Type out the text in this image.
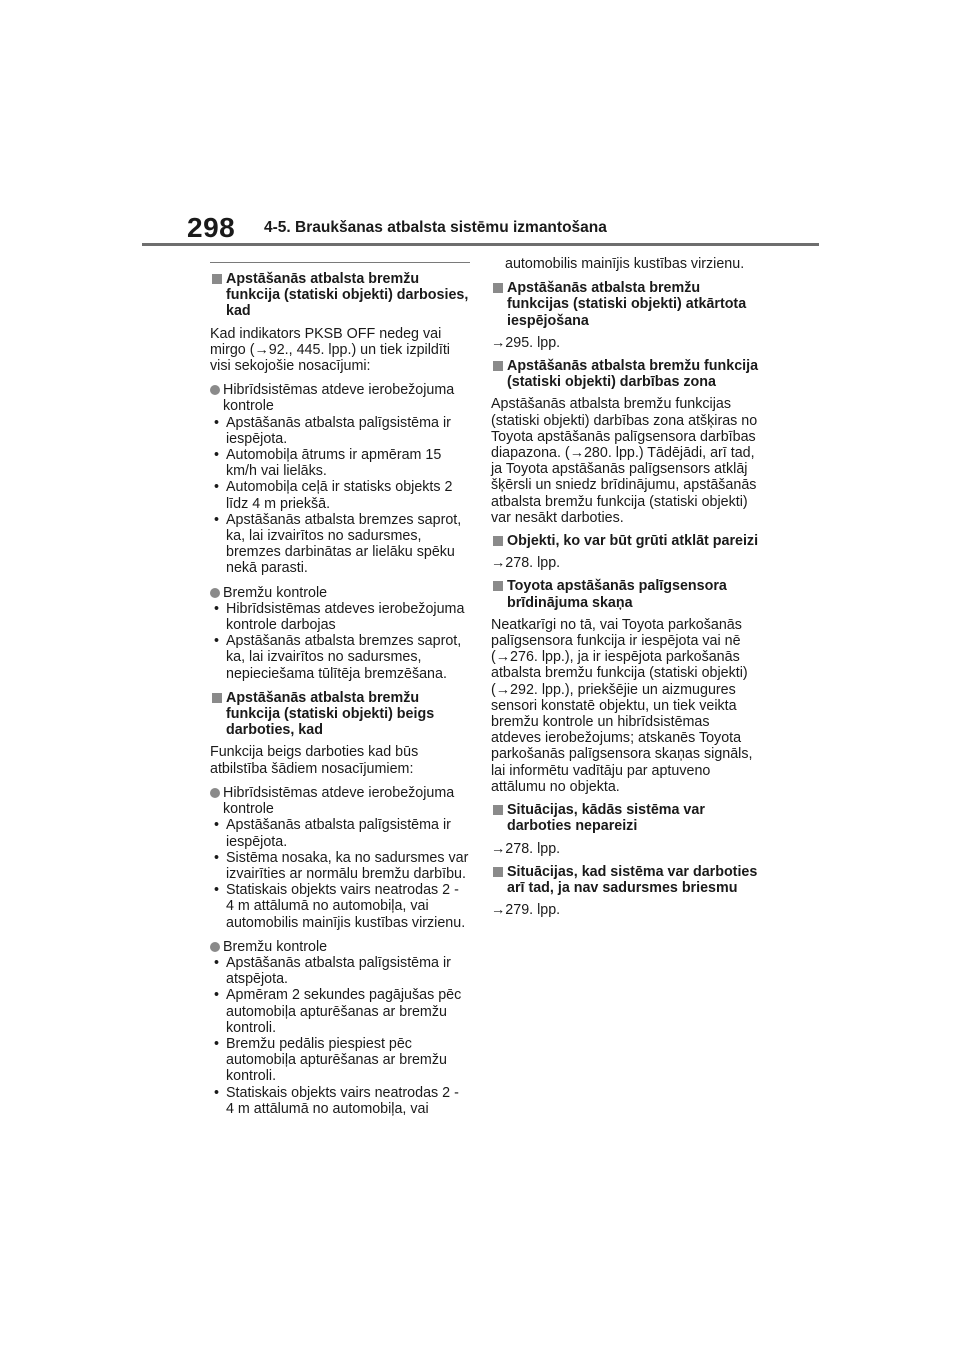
298 4-5. Braukšanas atbalsta sistēmu izmantošana
Apstāšanās atbalsta bremžu funkcija (statiski objekti) darbosies, kad
Kad indikators PKSB OFF nedeg vai mirgo (→92., 445. lpp.) un tiek izpildīti visi sekojošie nosacījumi:
Hibrīdsistēmas atdeve ierobežojuma kontrole
• Apstāšanās atbalsta palīgsistēma ir iespējota.
• Automobiļa ātrums ir apmēram 15 km/h vai lielāks.
• Automobiļa ceļā ir statisks objekts 2 līdz 4 m priekšā.
• Apstāšanās atbalsta bremzes saprot, ka, lai izvairītos no sadursmes, bremzes darbinātas ar lielāku spēku nekā parasti.
Bremžu kontrole
• Hibrīdsistēmas atdeves ierobežojuma kontrole darbojas
• Apstāšanās atbalsta bremzes saprot, ka, lai izvairītos no sadursmes, nepieciešama tūlītēja bremzēšana.
Apstāšanās atbalsta bremžu funkcija (statiski objekti) beigs darboties, kad
Funkcija beigs darboties kad būs atbilstība šādiem nosacījumiem:
Hibrīdsistēmas atdeve ierobežojuma kontrole
• Apstāšanās atbalsta palīgsistēma ir iespējota.
• Sistēma nosaka, ka no sadursmes var izvairīties ar normālu bremžu darbību.
• Statiskais objekts vairs neatrodas 2 - 4 m attālumā no automobiļa, vai automobilis mainījis kustības virzienu.
Bremžu kontrole
• Apstāšanās atbalsta palīgsistēma ir atspējota.
• Apmēram 2 sekundes pagājušas pēc automobiļa apturēšanas ar bremžu kontroli.
• Bremžu pedālis piespiest pēc automobiļa apturēšanas ar bremžu kontroli.
• Statiskais objekts vairs neatrodas 2 - 4 m attālumā no automobiļa, vai
automobilis mainījis kustības virzienu.
Apstāšanās atbalsta bremžu funkcijas (statiski objekti) atkārtota iespējošana
→295. lpp.
Apstāšanās atbalsta bremžu funkcija (statiski objekti) darbības zona
Apstāšanās atbalsta bremžu funkcijas (statiski objekti) darbības zona atšķiras no Toyota apstāšanās palīgsensora darbības diapazona. (→280. lpp.) Tādējādi, arī tad, ja Toyota apstāšanās palīgsensors atklāj šķērsli un sniedz brīdinājumu, apstāšanās atbalsta bremžu funkcija (statiski objekti) var nesākt darboties.
Objekti, ko var būt grūti atklāt pareizi
→278. lpp.
Toyota apstāšanās palīgsensora brīdinājuma skaņa
Neatkarīgi no tā, vai Toyota parkošanās palīgsensora funkcija ir iespējota vai nē (→276. lpp.), ja ir iespējota parkošanās atbalsta bremžu funkcija (statiski objekti) (→292. lpp.), priekšējie un aizmugures sensori konstatē objektu, un tiek veikta bremžu kontrole un hibrīdsistēmas atdeves ierobežojums; atskanēs Toyota parkošanās palīgsensora skaņas signāls, lai informētu vadītāju par aptuveno attālumu no objekta.
Situācijas, kādās sistēma var darboties nepareizi
→278. lpp.
Situācijas, kad sistēma var darboties arī tad, ja nav sadursmes briesmu
→279. lpp.
